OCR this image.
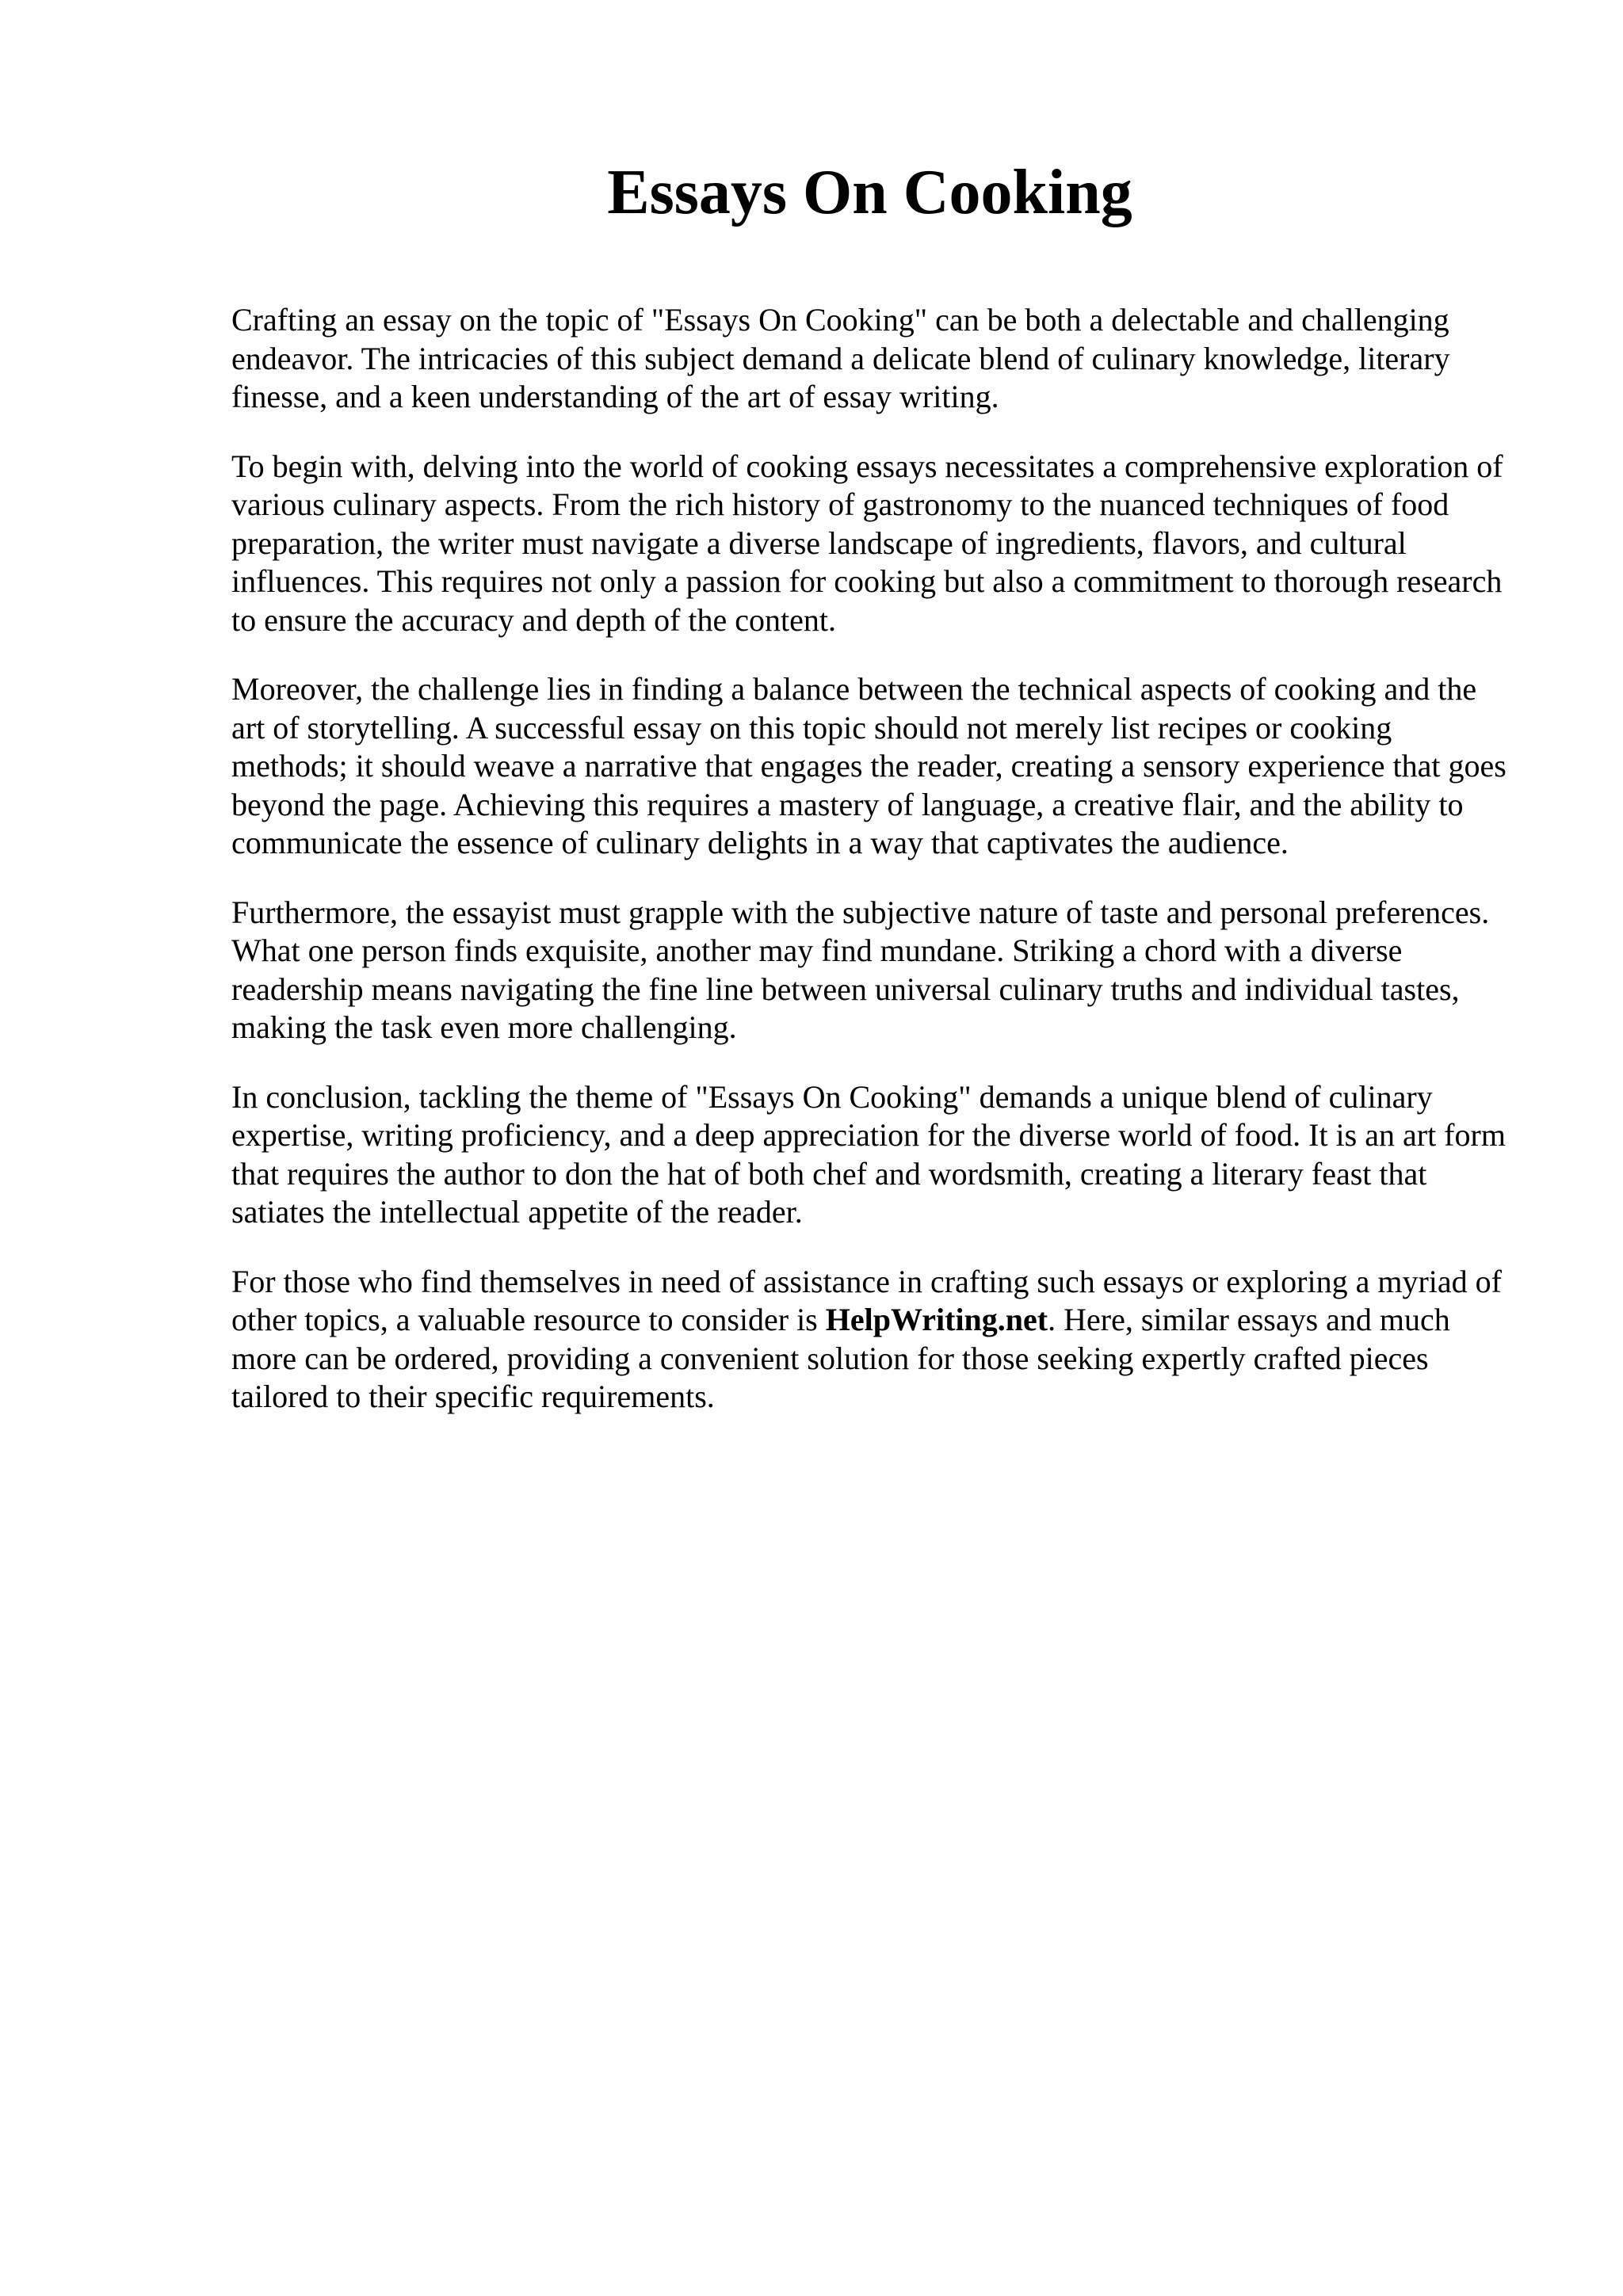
Essays On Cooking

Crafting an essay on the topic of "Essays On Cooking" can be both a delectable and challenging endeavor. The intricacies of this subject demand a delicate blend of culinary knowledge, literary finesse, and a keen understanding of the art of essay writing.

To begin with, delving into the world of cooking essays necessitates a comprehensive exploration of various culinary aspects. From the rich history of gastronomy to the nuanced techniques of food preparation, the writer must navigate a diverse landscape of ingredients, flavors, and cultural influences. This requires not only a passion for cooking but also a commitment to thorough research to ensure the accuracy and depth of the content.

Moreover, the challenge lies in finding a balance between the technical aspects of cooking and the art of storytelling. A successful essay on this topic should not merely list recipes or cooking methods; it should weave a narrative that engages the reader, creating a sensory experience that goes beyond the page. Achieving this requires a mastery of language, a creative flair, and the ability to communicate the essence of culinary delights in a way that captivates the audience.

Furthermore, the essayist must grapple with the subjective nature of taste and personal preferences. What one person finds exquisite, another may find mundane. Striking a chord with a diverse readership means navigating the fine line between universal culinary truths and individual tastes, making the task even more challenging.

In conclusion, tackling the theme of "Essays On Cooking" demands a unique blend of culinary expertise, writing proficiency, and a deep appreciation for the diverse world of food. It is an art form that requires the author to don the hat of both chef and wordsmith, creating a literary feast that satiates the intellectual appetite of the reader.

For those who find themselves in need of assistance in crafting such essays or exploring a myriad of other topics, a valuable resource to consider is HelpWriting.net. Here, similar essays and much more can be ordered, providing a convenient solution for those seeking expertly crafted pieces tailored to their specific requirements.
